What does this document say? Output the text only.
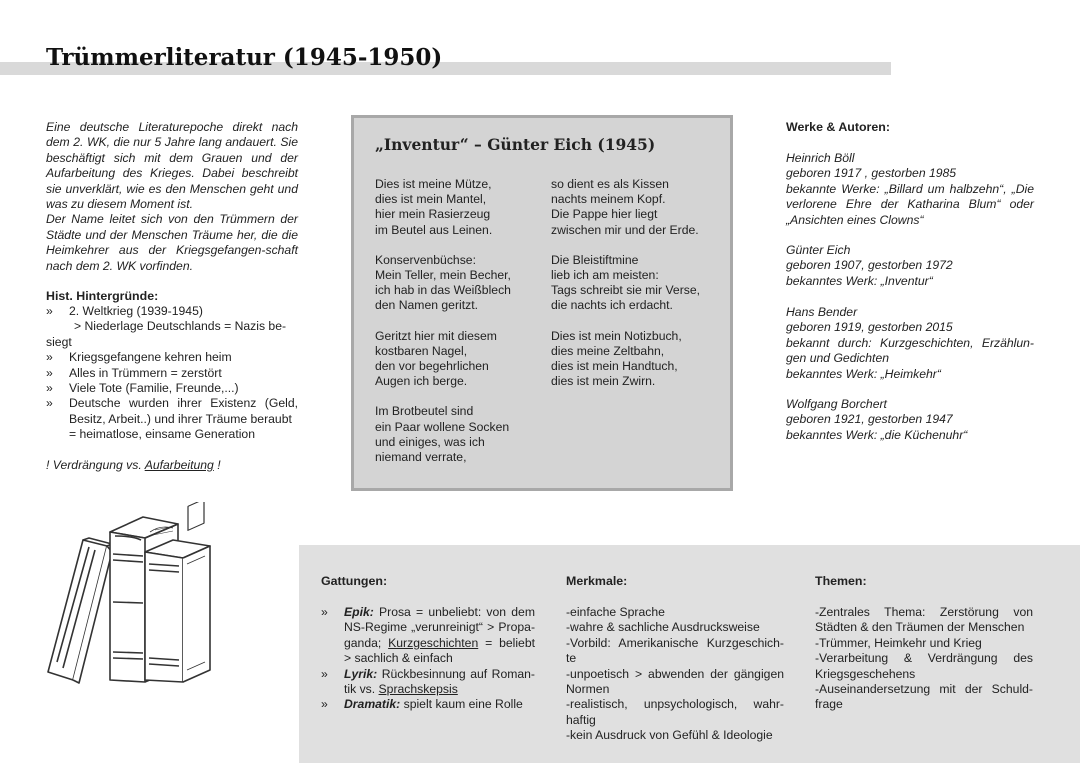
Trümmerliteratur (1945-1950)
Eine deutsche Literaturepoche direkt nach dem 2. WK, die nur 5 Jahre lang andauert. Sie beschäftigt sich mit dem Grauen und der Aufarbeitung des Krieges. Dabei beschreibt sie unverklärt, wie es den Menschen geht und was zu diesem Moment ist.
Der Name leitet sich von den Trümmern der Städte und der Menschen Träume her, die die Heimkehrer aus der Kriegsgefangen-schaft nach dem 2. WK vorfinden.

Hist. Hintergründe:

» 2. Weltkrieg (1939-1945)
> Niederlage Deutschlands = Nazis be-
siegt
» Kriegsgefangene kehren heim
» Alles in Trümmern = zerstört
» Viele Tote (Familie, Freunde,...)
» Deutsche wurden ihrer Existenz (Geld, Besitz, Arbeit..) und ihrer Träume beraubt
= heimatlose, einsame Generation

! Verdrängung vs. Aufarbeitung !

„Inventur“ – Günter Eich (1945)

Dies ist meine Mütze,
dies ist mein Mantel,
hier mein Rasierzeug
im Beutel aus Leinen.

Konservenbüchse:
Mein Teller, mein Becher,
ich hab in das Weißblech
den Namen geritzt.

Geritzt hier mit diesem
kostbaren Nagel,
den vor begehrlichen
Augen ich berge.

Im Brotbeutel sind
ein Paar wollene Socken
und einiges, was ich
niemand verrate,

so dient es als Kissen
nachts meinem Kopf.
Die Pappe hier liegt
zwischen mir und der Erde.

Die Bleistiftmine
lieb ich am meisten:
Tags schreibt sie mir Verse,
die nachts ich erdacht.

Dies ist mein Notizbuch,
dies meine Zeltbahn,
dies ist mein Handtuch,
dies ist mein Zwirn.

Werke & Autoren:

Heinrich Böll
geboren 1917 , gestorben 1985
bekannte Werke: „Billard um halbzehn“, „Die verlorene Ehre der Katharina Blum“ oder „Ansichten eines Clowns“
Günter Eich
geboren 1907, gestorben 1972
bekanntes Werk: „Inventur“
Hans Bender
geboren 1919, gestorben 2015
bekannt durch: Kurzgeschichten, Erzählun-gen und Gedichten
bekanntes Werk: „Heimkehr“
Wolfgang Borchert
geboren 1921, gestorben 1947
bekanntes Werk: „die Küchenuhr“

Gattungen:

» Epik: Prosa = unbeliebt: von dem NS-Regime „verunreinigt“ > Propa-ganda; Kurzgeschichten = beliebt > sachlich & einfach
» Lyrik: Rückbesinnung auf Roman-tik vs. Sprachskepsis
» Dramatik: spielt kaum eine Rolle

Merkmale:

-einfache Sprache
-wahre & sachliche Ausdrucksweise
-Vorbild: Amerikanische Kurzgeschich-te
-unpoetisch > abwenden der gängigen Normen
-realistisch, unpsychologisch, wahr-haftig
-kein Ausdruck von Gefühl & Ideologie

Themen:

-Zentrales Thema: Zerstörung von Städten & den Träumen der Menschen
-Trümmer, Heimkehr und Krieg
-Verarbeitung & Verdrängung des Kriegsgeschehens
-Auseinandersetzung mit der Schuld-frage
